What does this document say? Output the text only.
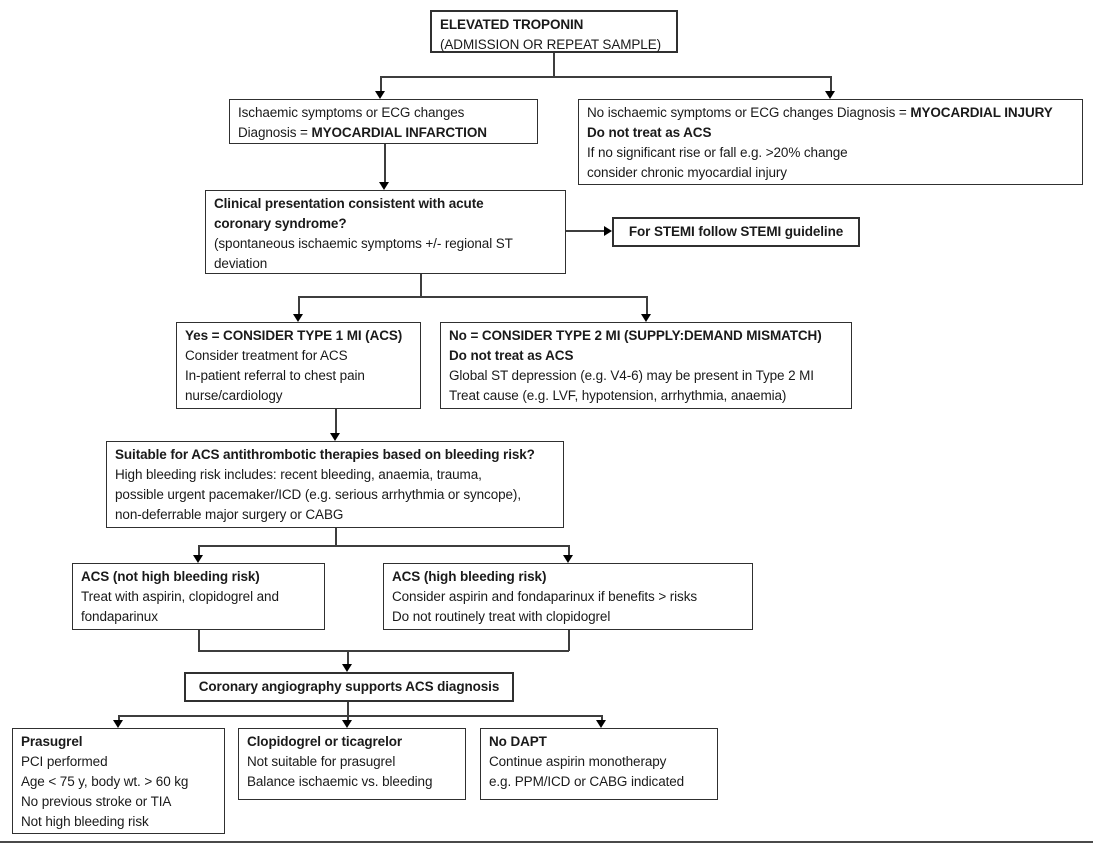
ELEVATED TROPONIN
(ADMISSION OR REPEAT SAMPLE)
Ischaemic symptoms or ECG changes
Diagnosis = MYOCARDIAL INFARCTION
No ischaemic symptoms or ECG changes Diagnosis = MYOCARDIAL INJURY
Do not treat as ACS
If no significant rise or fall e.g. >20% change
consider chronic myocardial injury
Clinical presentation consistent with acute
coronary syndrome?
(spontaneous ischaemic symptoms +/- regional ST
deviation
For STEMI follow STEMI guideline
Yes = CONSIDER TYPE 1 MI (ACS)
Consider treatment for ACS
In-patient referral to chest pain
nurse/cardiology
No = CONSIDER TYPE 2 MI (SUPPLY:DEMAND MISMATCH)
Do not treat as ACS
Global ST depression (e.g. V4-6) may be present in Type 2 MI
Treat cause (e.g. LVF, hypotension, arrhythmia, anaemia)
Suitable for ACS antithrombotic therapies based on bleeding risk?
High bleeding risk includes: recent bleeding, anaemia, trauma,
possible urgent pacemaker/ICD (e.g. serious arrhythmia or syncope),
non-deferrable major surgery or CABG
ACS (not high bleeding risk)
Treat with aspirin, clopidogrel and
fondaparinux
ACS (high bleeding risk)
Consider aspirin and fondaparinux if benefits > risks
Do not routinely treat with clopidogrel
Coronary angiography supports ACS diagnosis
Prasugrel
PCI performed
Age < 75 y, body wt. > 60 kg
No previous stroke or TIA
Not high bleeding risk
Clopidogrel or ticagrelor
Not suitable for prasugrel
Balance ischaemic vs. bleeding
No DAPT
Continue aspirin monotherapy
e.g. PPM/ICD or CABG indicated
